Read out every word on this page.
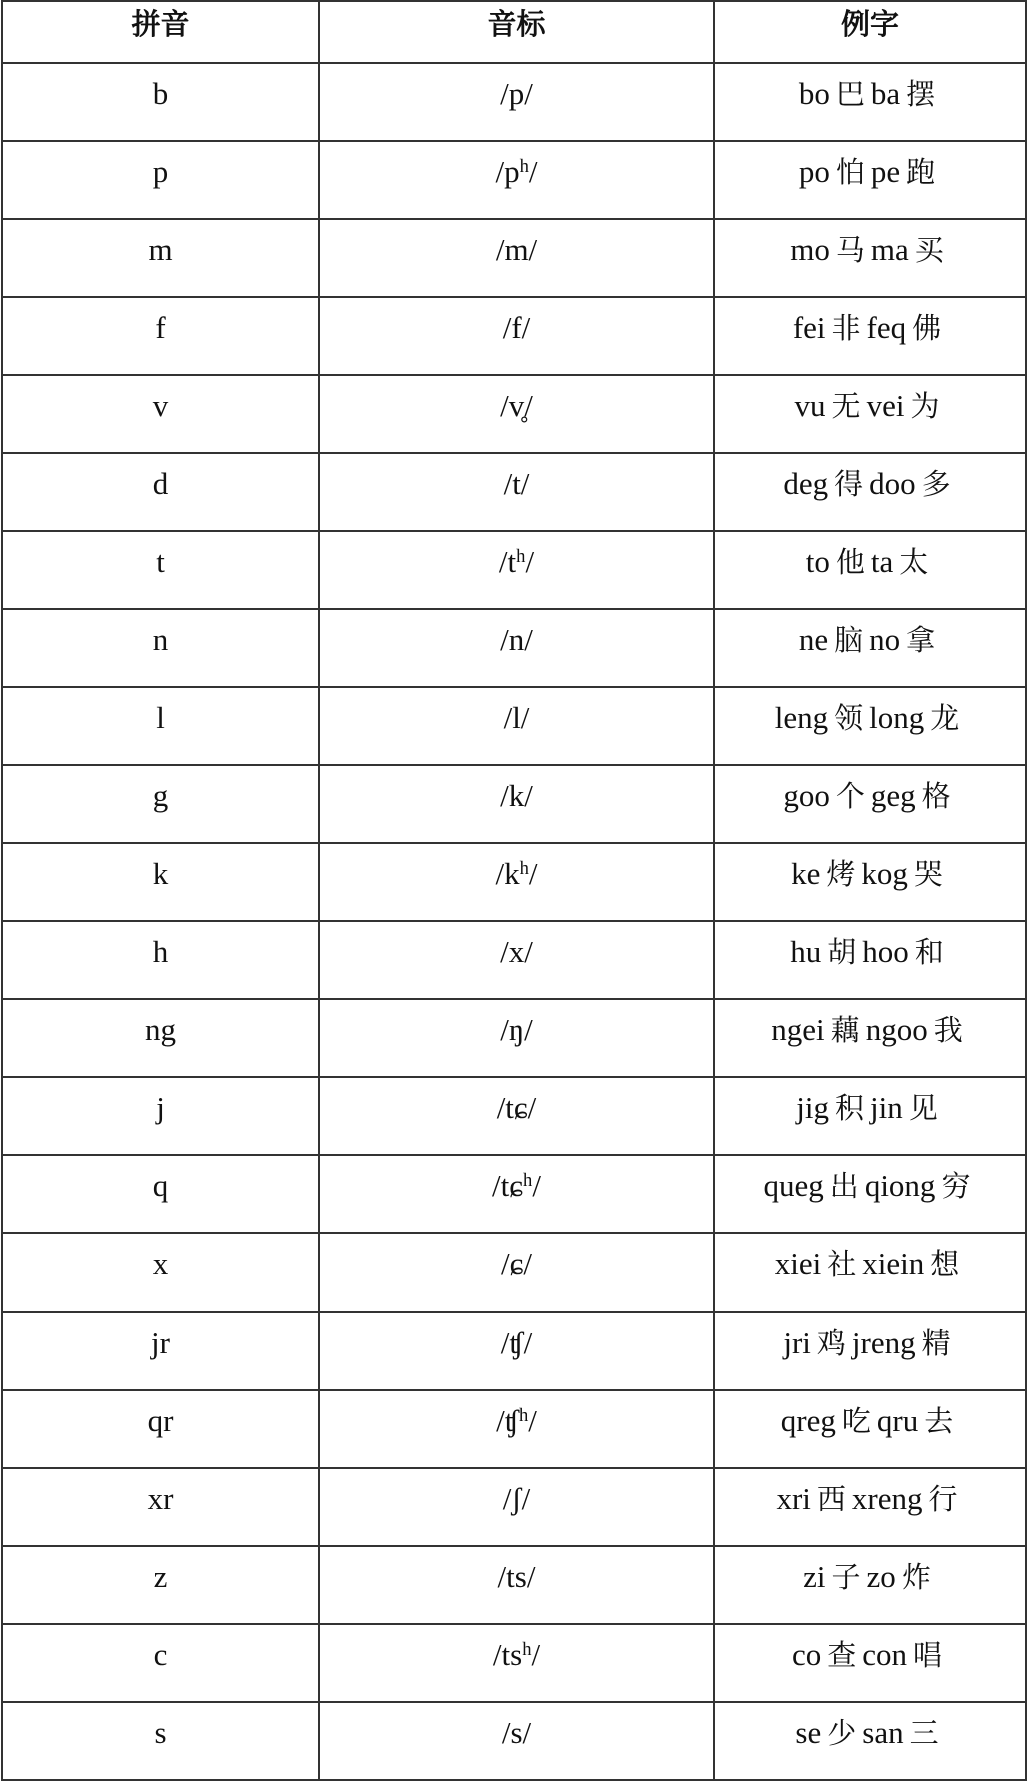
拼音	音标	例字
b	/p/	bo 巴 ba 摆
p	$/p^h/$	po 怕 pe 跑
m	/m/	mo 马 ma 买
f	/f/	fei 非 feq 佛
v	/v̥/	vu 无 vei 为
d	/t/	deg 得 doo 多
t	$/t^h/$	to 他 ta 太
n	/n/	ne 脑 no 拿
l	/l/	leng 领 long 龙
g	/k/	goo 个 geg 格
k	$/k^h/$	ke 烤 kog 哭
h	/x/	hu 胡 hoo 和
ng	/ŋ/	ngei 藕 ngoo 我
j	/tɕ/	jig 积 jin 见
q	/tɕ$^h$/	queg 出 qiong 穷
x	/ɕ/	xiei 社 xiein 想
jr	/ʧ/	jri 鸡 jreng 精
qr	/ʧ$^h$/	qreg 吃 qru 去
xr	/ʃ/	xri 西 xreng 行
z	/ts/	zi 子 zo 炸
c	$/ts^h/$	co 查 con 唱
s	/s/	se 少 san 三
